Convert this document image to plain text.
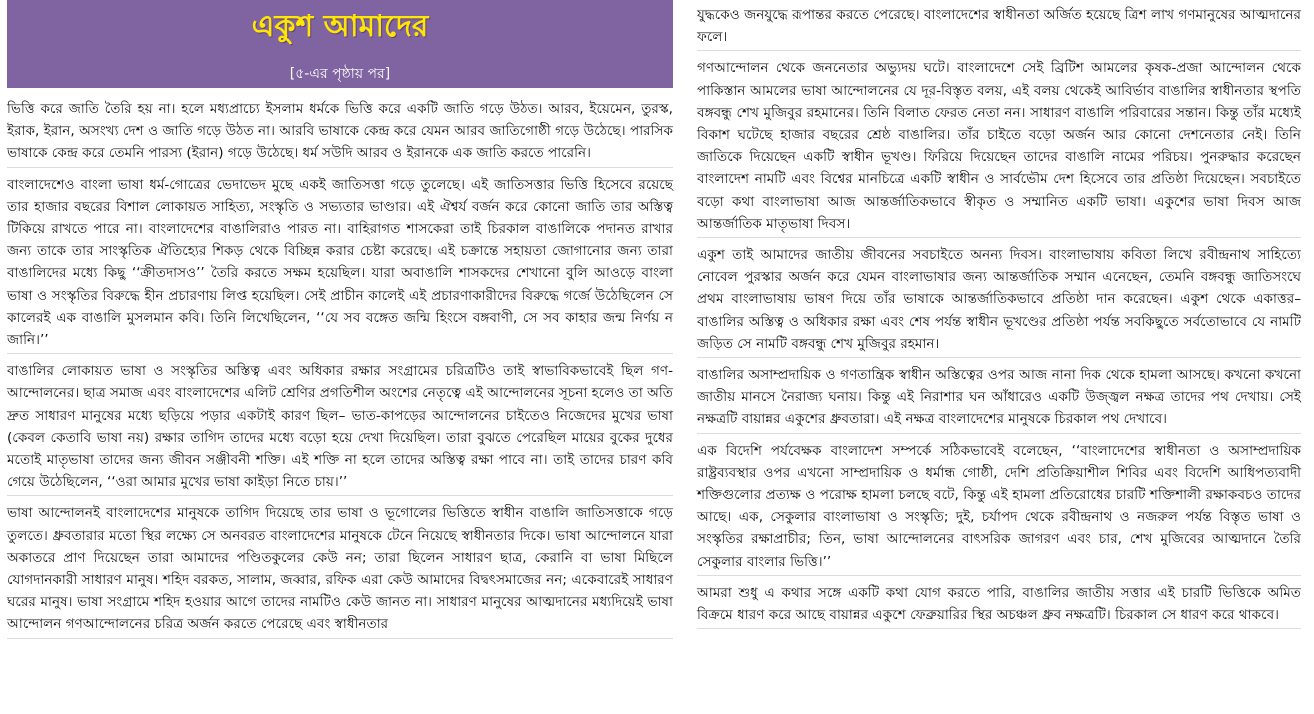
একুশ আমাদের
[৫-এর পৃষ্ঠায় পর]

ভিত্তি করে জাতি তৈরি হয় না। হলে মধ্যপ্রাচ্যে ইসলাম ধর্মকে ভিত্তি করে একটি জাতি গড়ে উঠত। আরব, ইয়েমেন, তুরস্ক, ইরাক, ইরান, অসংখ্য দেশ ও জাতি গড়ে উঠত না। আরবি ভাষাকে কেন্দ্র করে যেমন আরব জাতিগোষ্ঠী গড়ে উঠেছে। পারসিক ভাষাকে কেন্দ্র করে তেমনি পারস্য (ইরান) গড়ে উঠেছে। ধর্ম সউদি আরব ও ইরানকে এক জাতি করতে পারেনি।

বাংলাদেশেও বাংলা ভাষা ধর্ম-গোত্রের ভেদাভেদ মুছে একই জাতিসত্তা গড়ে তুলেছে। এই জাতিসত্তার ভিত্তি হিসেবে রয়েছে তার হাজার বছরের বিশাল লোকায়ত সাহিত্য, সংস্কৃতি ও সভ্যতার ভাণ্ডার। এই ঐশ্বর্য বর্জন করে কোনো জাতি তার অস্তিত্ব টিকিয়ে রাখতে পারে না। বাংলাদেশের বাঙালিরাও পারত না। বাহিরাগত শাসকেরা তাই চিরকাল বাঙালিকে পদানত রাখার জন্য তাকে তার সাংস্কৃতিক ঐতিহ্যের শিকড় থেকে বিচ্ছিন্ন করার চেষ্টা করেছে। এই চক্রান্তে সহায়তা জোগানোর জন্য তারা বাঙালিদের মধ্যে কিছু ‘‘ক্রীতদাসও’’ তৈরি করতে সক্ষম হয়েছিল। যারা অবাঙালি শাসকদের শেখানো বুলি আওড়ে বাংলা ভাষা ও সংস্কৃতির বিরুদ্ধে হীন প্রচারণায় লিপ্ত হয়েছিল। সেই প্রাচীন কালেই এই প্রচারণাকারীদের বিরুদ্ধে গর্জে উঠেছিলেন সে কালেরই এক বাঙালি মুসলমান কবি। তিনি লিখেছিলেন, ‘‘যে সব বঙ্গেত জন্মি হিংসে বঙ্গবাণী, সে সব কাহার জন্ম নির্ণয় ন জানি।’’

বাঙালির লোকায়ত ভাষা ও সংস্কৃতির অস্তিত্ব এবং অধিকার রক্ষার সংগ্রামের চরিত্রটিও তাই স্বাভাবিকভাবেই ছিল গণ-আন্দোলনের। ছাত্র সমাজ এবং বাংলাদেশের এলিট শ্রেণির প্রগতিশীল অংশের নেতৃত্বে এই আন্দোলনের সূচনা হলেও তা অতি দ্রুত সাধারণ মানুষের মধ্যে ছড়িয়ে পড়ার একটাই কারণ ছিল– ভাত-কাপড়ের আন্দোলনের চাইতেও নিজেদের মুখের ভাষা (কেবল কেতাবি ভাষা নয়) রক্ষার তাগিদ তাদের মধ্যে বড়ো হয়ে দেখা দিয়েছিল। তারা বুঝতে পেরেছিল মায়ের বুকের দুধের মতোই মাতৃভাষা তাদের জন্য জীবন সঞ্জীবনী শক্তি। এই শক্তি না হলে তাদের অস্তিত্ব রক্ষা পাবে না। তাই তাদের চারণ কবি গেয়ে উঠেছিলেন, ‘‘ওরা আমার মুখের ভাষা কাইড়া নিতে চায়।’’

ভাষা আন্দোলনই বাংলাদেশের মানুষকে তাগিদ দিয়েছে তার ভাষা ও ভূগোলের ভিত্তিতে স্বাধীন বাঙালি জাতিসত্তাকে গড়ে তুলতে। ধ্রুবতারার মতো স্থির লক্ষ্যে সে অনবরত বাংলাদেশের মানুষকে টেনে নিয়েছে স্বাধীনতার দিকে। ভাষা আন্দোলনে যারা অকাতরে প্রাণ দিয়েছেন তারা আমাদের পণ্ডিতকুলের কেউ নন; তারা ছিলেন সাধারণ ছাত্র, কেরানি বা ভাষা মিছিলে যোগদানকারী সাধারণ মানুষ। শহিদ বরকত, সালাম, জব্বার, রফিক এরা কেউ আমাদের বিদ্বৎসমাজের নন; একেবারেই সাধারণ ঘরের মানুষ। ভাষা সংগ্রামে শহিদ হওয়ার আগে তাদের নামটিও কেউ জানত না। সাধারণ মানুষের আত্মদানের মধ্যদিয়েই ভাষা আন্দোলন গণআন্দোলনের চরিত্র অর্জন করতে পেরেছে এবং স্বাধীনতার

যুদ্ধকেও জনযুদ্ধে রূপান্তর করতে পেরেছে। বাংলাদেশের স্বাধীনতা অর্জিত হয়েছে ত্রিশ লাখ গণমানুষের আত্মদানের ফলে।

গণআন্দোলন থেকে জননেতার অভ্যুদয় ঘটে। বাংলাদেশে সেই ব্রিটিশ আমলের কৃষক-প্রজা আন্দোলন থেকে পাকিস্তান আমলের ভাষা আন্দোলনের যে দূর-বিস্তৃত বলয়, এই বলয় থেকেই আবির্ভাব বাঙালির স্বাধীনতার স্থপতি বঙ্গবন্ধু শেখ মুজিবুর রহমানের। তিনি বিলাত ফেরত নেতা নন। সাধারণ বাঙালি পরিবারের সন্তান। কিন্তু তাঁর মধ্যেই বিকাশ ঘটেছে হাজার বছরের শ্রেষ্ঠ বাঙালির। তাঁর চাইতে বড়ো অর্জন আর কোনো দেশনেতার নেই। তিনি জাতিকে দিয়েছেন একটি স্বাধীন ভূখণ্ড। ফিরিয়ে দিয়েছেন তাদের বাঙালি নামের পরিচয়। পুনরুদ্ধার করেছেন বাংলাদেশ নামটি এবং বিশ্বের মানচিত্রে একটি স্বাধীন ও সার্বভৌম দেশ হিসেবে তার প্রতিষ্ঠা দিয়েছেন। সবচাইতে বড়ো কথা বাংলাভাষা আজ আন্তর্জাতিকভাবে স্বীকৃত ও সম্মানিত একটি ভাষা। একুশের ভাষা দিবস আজ আন্তর্জাতিক মাতৃভাষা দিবস।

একুশ তাই আমাদের জাতীয় জীবনের সবচাইতে অনন্য দিবস। বাংলাভাষায় কবিতা লিখে রবীন্দ্রনাথ সাহিত্যে নোবেল পুরস্কার অর্জন করে যেমন বাংলাভাষার জন্য আন্তর্জাতিক সম্মান এনেছেন, তেমনি বঙ্গবন্ধু জাতিসংঘে প্রথম বাংলাভাষায় ভাষণ দিয়ে তাঁর ভাষাকে আন্তর্জাতিকভাবে প্রতিষ্ঠা দান করেছেন। একুশ থেকে একাত্তর– বাঙালির অস্তিত্ব ও অধিকার রক্ষা এবং শেষ পর্যন্ত স্বাধীন ভূখণ্ডের প্রতিষ্ঠা পর্যন্ত সবকিছুতে সর্বতোভাবে যে নামটি জড়িত সে নামটি বঙ্গবন্ধু শেখ মুজিবুর রহমান।

বাঙালির অসাম্প্রদায়িক ও গণতান্ত্রিক স্বাধীন অস্তিত্বের ওপর আজ নানা দিক থেকে হামলা আসছে। কখনো কখনো জাতীয় মানসে নৈরাজ্য ঘনায়। কিন্তু এই নিরাশার ঘন আঁধারেও একটি উজ্জ্বল নক্ষত্র তাদের পথ দেখায়। সেই নক্ষত্রটি বায়ান্নর একুশের ধ্রুবতারা। এই নক্ষত্র বাংলাদেশের মানুষকে চিরকাল পথ দেখাবে।

এক বিদেশি পর্যবেক্ষক বাংলাদেশ সম্পর্কে সঠিকভাবেই বলেছেন, ‘‘বাংলাদেশের স্বাধীনতা ও অসাম্প্রদায়িক রাষ্ট্রব্যবস্থার ওপর এখনো সাম্প্রদায়িক ও ধর্মান্ধ গোষ্ঠী, দেশি প্রতিক্রিয়াশীল শিবির এবং বিদেশি আধিপত্যবাদী শক্তিগুলোর প্রত্যক্ষ ও পরোক্ষ হামলা চলছে বটে, কিন্তু এই হামলা প্রতিরোধের চারটি শক্তিশালী রক্ষাকবচও তাদের আছে। এক, সেকুলার বাংলাভাষা ও সংস্কৃতি; দুই, চর্যাপদ থেকে রবীন্দ্রনাথ ও নজরুল পর্যন্ত বিস্তৃত ভাষা ও সংস্কৃতির রক্ষাপ্রাচীর; তিন, ভাষা আন্দোলনের বাৎসরিক জাগরণ এবং চার, শেখ মুজিবের আত্মদানে তৈরি সেকুলার বাংলার ভিত্তি।’’

আমরা শুধু এ কথার সঙ্গে একটি কথা যোগ করতে পারি, বাঙালির জাতীয় সত্তার এই চারটি ভিত্তিকে অমিত বিক্রমে ধারণ করে আছে বায়ান্নর একুশে ফেব্রুয়ারির স্থির অচঞ্চল ধ্রুব নক্ষত্রটি। চিরকাল সে ধারণ করে থাকবে।
